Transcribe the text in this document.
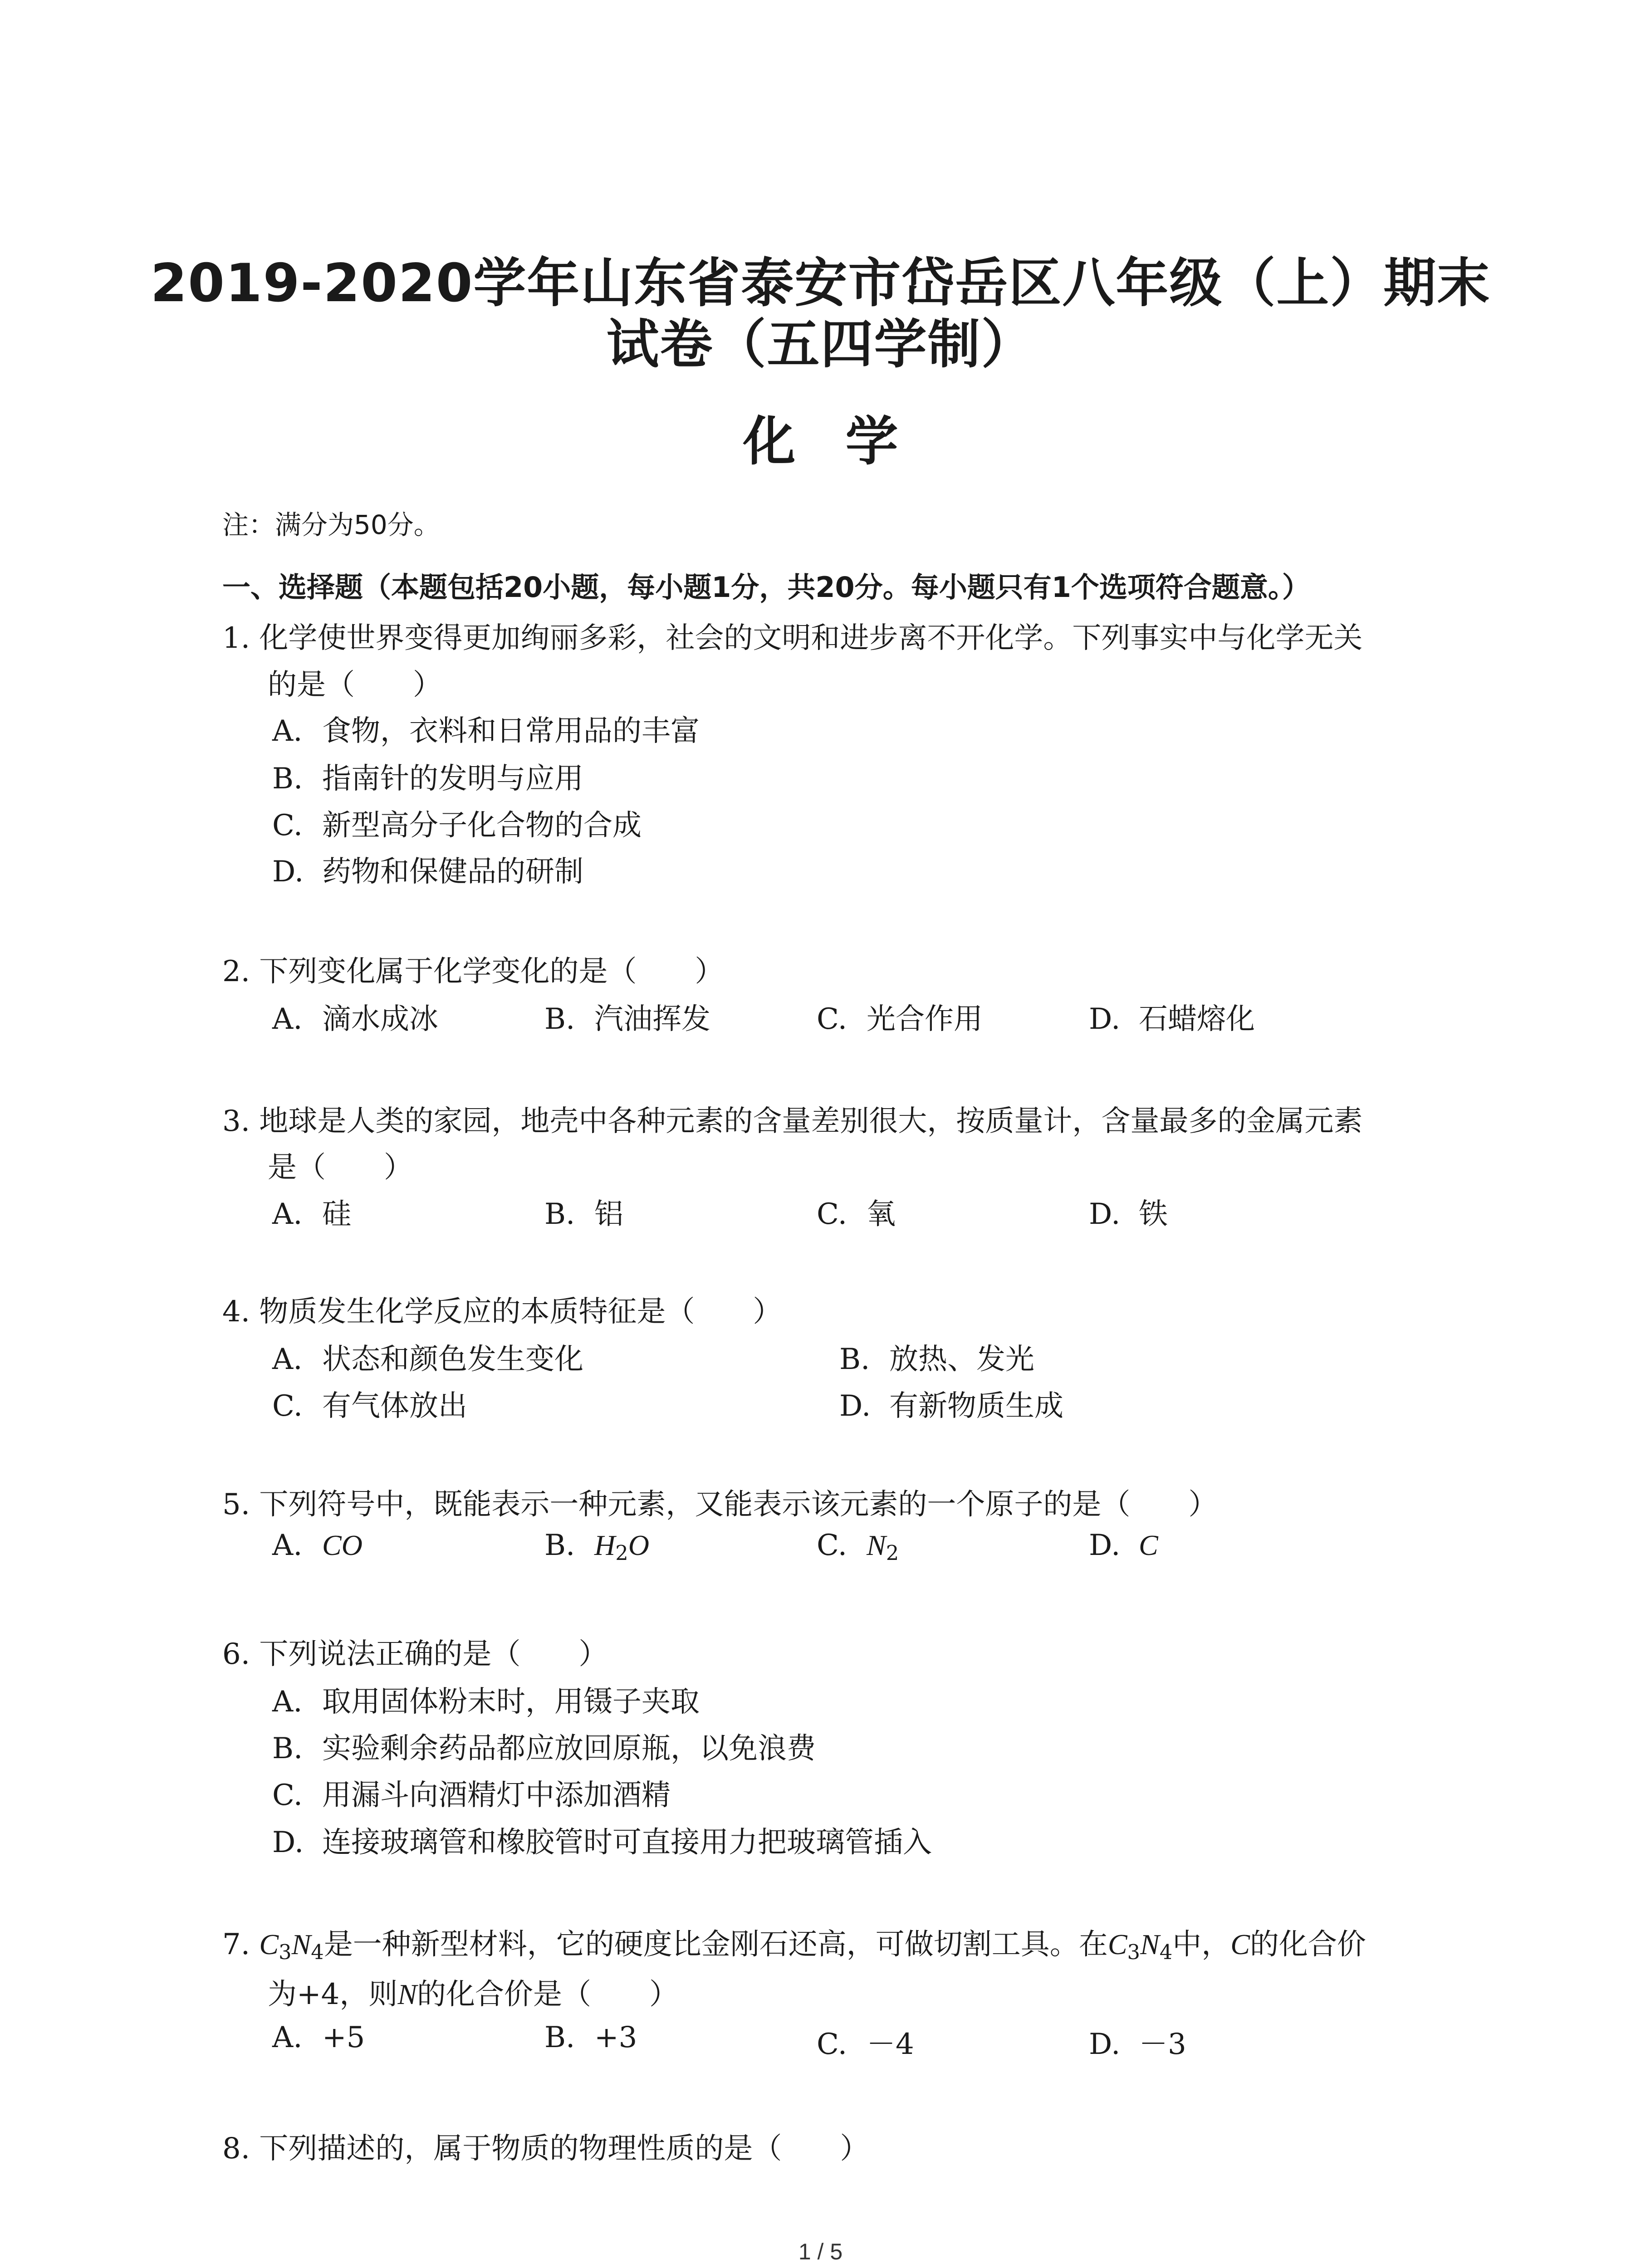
2019-2020学年山东省泰安市岱岳区八年级（上）期末
试卷（五四学制）
化学
注：满分为50分。
一、选择题（本题包括20小题，每小题1分，共20分。每小题只有1个选项符合题意。）
1. 化学使世界变得更加绚丽多彩，社会的文明和进步离不开化学。下列事实中与化学无关
的是（　　）
A. 食物，衣料和日常用品的丰富
B. 指南针的发明与应用
C. 新型高分子化合物的合成
D. 药物和保健品的研制
2. 下列变化属于化学变化的是（　　）
A. 滴水成冰	B. 汽油挥发	C. 光合作用	D. 石蜡熔化
3. 地球是人类的家园，地壳中各种元素的含量差别很大，按质量计，含量最多的金属元素
是（　　）
A. 硅	B. 铝	C. 氧	D. 铁
4. 物质发生化学反应的本质特征是（　　）
A. 状态和颜色发生变化	B. 放热、发光
C. 有气体放出	D. 有新物质生成
5. 下列符号中，既能表示一种元素，又能表示该元素的一个原子的是（　　）
A. CO	B. $H_2O$	C. $N_2$	D. C
6. 下列说法正确的是（　　）
A. 取用固体粉末时，用镊子夹取
B. 实验剩余药品都应放回原瓶，以免浪费
C. 用漏斗向酒精灯中添加酒精
D. 连接玻璃管和橡胶管时可直接用力把玻璃管插入
7. $C_3N_4$是一种新型材料，它的硬度比金刚石还高，可做切割工具。在$C_3N_4$中，C的化合价
为+4，则N的化合价是（　　）
A. +5	B. +3	C. －4	D. －3
8. 下列描述的，属于物质的物理性质的是（　　）
1 / 5
